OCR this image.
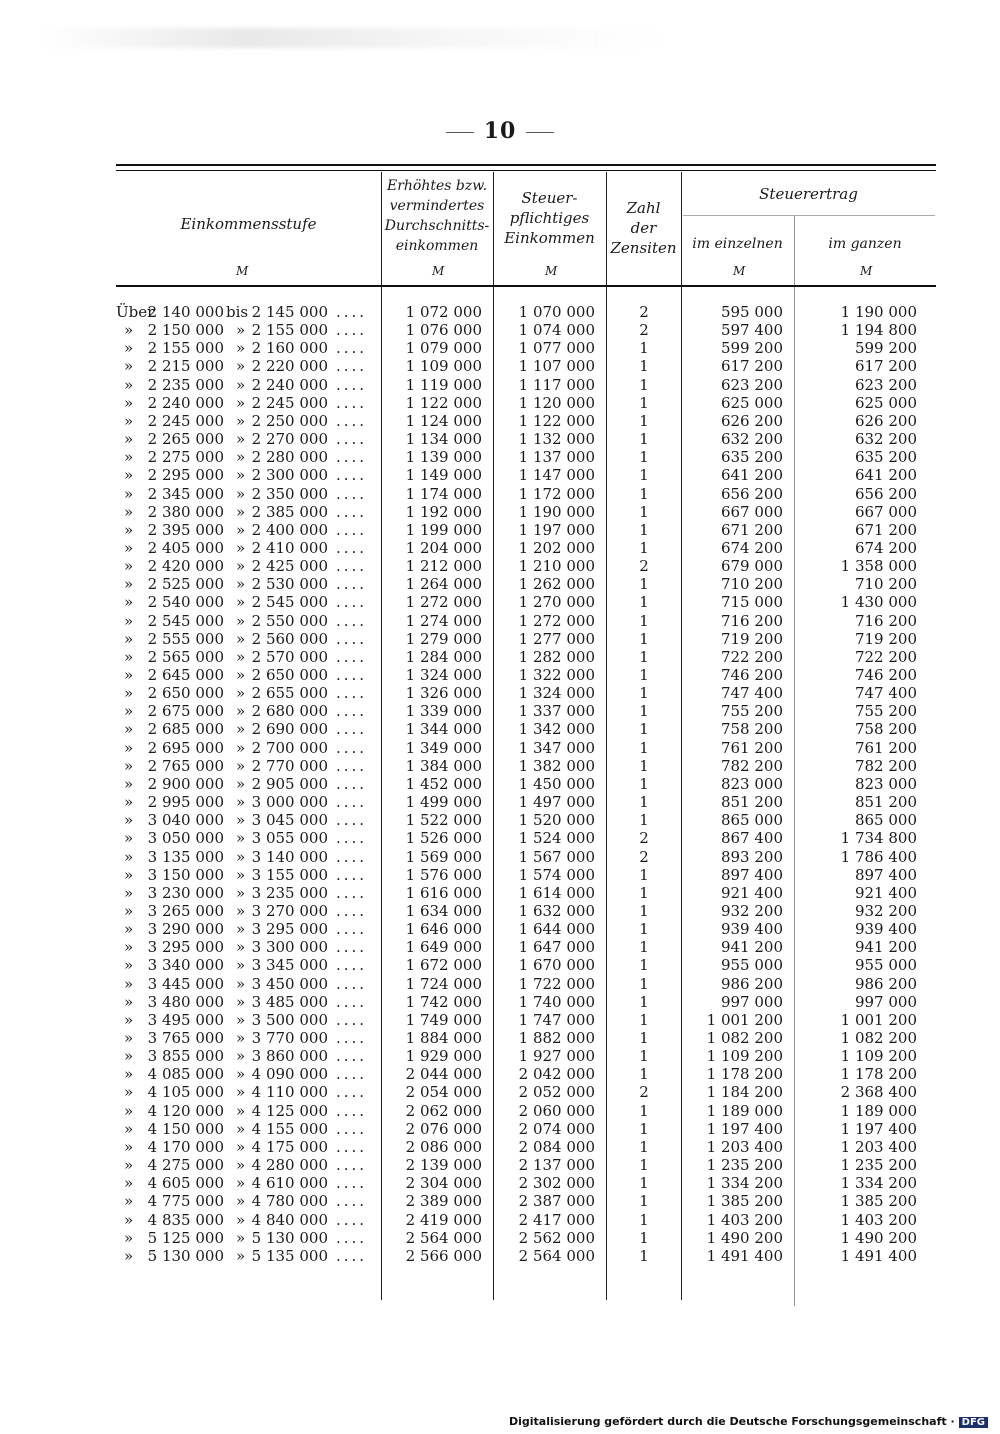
10
Einkommensstufe
Erhöhtes bzw.
vermindertes
Durchschnitts-
einkommen
Steuer-
pflichtiges
Einkommen
Zahl
der
Zensiten
Steuerertrag
im einzelnen	im ganzen
M	M	M	M	M
Über
2 140 000 bis 2 145 000 ....	1 072 000	1 070 000	2	595 000	1 190 000
» 2 150 000 » 2 155 000 ....	1 076 000	1 074 000	2	597 400	1 194 800
» 2 155 000 » 2 160 000 ....	1 079 000	1 077 000	1	599 200	599 200
» 2 215 000 » 2 220 000 ....	1 109 000	1 107 000	1	617 200	617 200
» 2 235 000 » 2 240 000 ....	1 119 000	1 117 000	1	623 200	623 200
» 2 240 000 » 2 245 000 ....	1 122 000	1 120 000	1	625 000	625 000
» 2 245 000 » 2 250 000 ....	1 124 000	1 122 000	1	626 200	626 200
» 2 265 000 » 2 270 000 ....	1 134 000	1 132 000	1	632 200	632 200
» 2 275 000 » 2 280 000 ....	1 139 000	1 137 000	1	635 200	635 200
» 2 295 000 » 2 300 000 ....	1 149 000	1 147 000	1	641 200	641 200
» 2 345 000 » 2 350 000 ....	1 174 000	1 172 000	1	656 200	656 200
» 2 380 000 » 2 385 000 ....	1 192 000	1 190 000	1	667 000	667 000
» 2 395 000 » 2 400 000 ....	1 199 000	1 197 000	1	671 200	671 200
» 2 405 000 » 2 410 000 ....	1 204 000	1 202 000	1	674 200	674 200
» 2 420 000 » 2 425 000 ....	1 212 000	1 210 000	2	679 000	1 358 000
» 2 525 000 » 2 530 000 ....	1 264 000	1 262 000	1	710 200	710 200
» 2 540 000 » 2 545 000 ....	1 272 000	1 270 000	1	715 000	1 430 000
» 2 545 000 » 2 550 000 ....	1 274 000	1 272 000	1	716 200	716 200
» 2 555 000 » 2 560 000 ....	1 279 000	1 277 000	1	719 200	719 200
» 2 565 000 » 2 570 000 ....	1 284 000	1 282 000	1	722 200	722 200
» 2 645 000 » 2 650 000 ....	1 324 000	1 322 000	1	746 200	746 200
» 2 650 000 » 2 655 000 ....	1 326 000	1 324 000	1	747 400	747 400
» 2 675 000 » 2 680 000 ....	1 339 000	1 337 000	1	755 200	755 200
» 2 685 000 » 2 690 000 ....	1 344 000	1 342 000	1	758 200	758 200
» 2 695 000 » 2 700 000 ....	1 349 000	1 347 000	1	761 200	761 200
» 2 765 000 » 2 770 000 ....	1 384 000	1 382 000	1	782 200	782 200
» 2 900 000 » 2 905 000 ....	1 452 000	1 450 000	1	823 000	823 000
» 2 995 000 » 3 000 000 ....	1 499 000	1 497 000	1	851 200	851 200
» 3 040 000 » 3 045 000 ....	1 522 000	1 520 000	1	865 000	865 000
» 3 050 000 » 3 055 000 ....	1 526 000	1 524 000	2	867 400	1 734 800
» 3 135 000 » 3 140 000 ....	1 569 000	1 567 000	2	893 200	1 786 400
» 3 150 000 » 3 155 000 ....	1 576 000	1 574 000	1	897 400	897 400
» 3 230 000 » 3 235 000 ....	1 616 000	1 614 000	1	921 400	921 400
» 3 265 000 » 3 270 000 ....	1 634 000	1 632 000	1	932 200	932 200
» 3 290 000 » 3 295 000 ....	1 646 000	1 644 000	1	939 400	939 400
» 3 295 000 » 3 300 000 ....	1 649 000	1 647 000	1	941 200	941 200
» 3 340 000 » 3 345 000 ....	1 672 000	1 670 000	1	955 000	955 000
» 3 445 000 » 3 450 000 ....	1 724 000	1 722 000	1	986 200	986 200
» 3 480 000 » 3 485 000 ....	1 742 000	1 740 000	1	997 000	997 000
» 3 495 000 » 3 500 000 ....	1 749 000	1 747 000	1	1 001 200	1 001 200
» 3 765 000 » 3 770 000 ....	1 884 000	1 882 000	1	1 082 200	1 082 200
» 3 855 000 » 3 860 000 ....	1 929 000	1 927 000	1	1 109 200	1 109 200
» 4 085 000 » 4 090 000 ....	2 044 000	2 042 000	1	1 178 200	1 178 200
» 4 105 000 » 4 110 000 ....	2 054 000	2 052 000	2	1 184 200	2 368 400
» 4 120 000 » 4 125 000 ....	2 062 000	2 060 000	1	1 189 000	1 189 000
» 4 150 000 » 4 155 000 ....	2 076 000	2 074 000	1	1 197 400	1 197 400
» 4 170 000 » 4 175 000 ....	2 086 000	2 084 000	1	1 203 400	1 203 400
» 4 275 000 » 4 280 000 ....	2 139 000	2 137 000	1	1 235 200	1 235 200
» 4 605 000 » 4 610 000 ....	2 304 000	2 302 000	1	1 334 200	1 334 200
» 4 775 000 » 4 780 000 ....	2 389 000	2 387 000	1	1 385 200	1 385 200
» 4 835 000 » 4 840 000 ....	2 419 000	2 417 000	1	1 403 200	1 403 200
» 5 125 000 » 5 130 000 ....	2 564 000	2 562 000	1	1 490 200	1 490 200
» 5 130 000 » 5 135 000 ....	2 566 000	2 564 000	1	1 491 400	1 491 400
Digitalisierung gefördert durch die Deutsche Forschungsgemeinschaft · DFG
